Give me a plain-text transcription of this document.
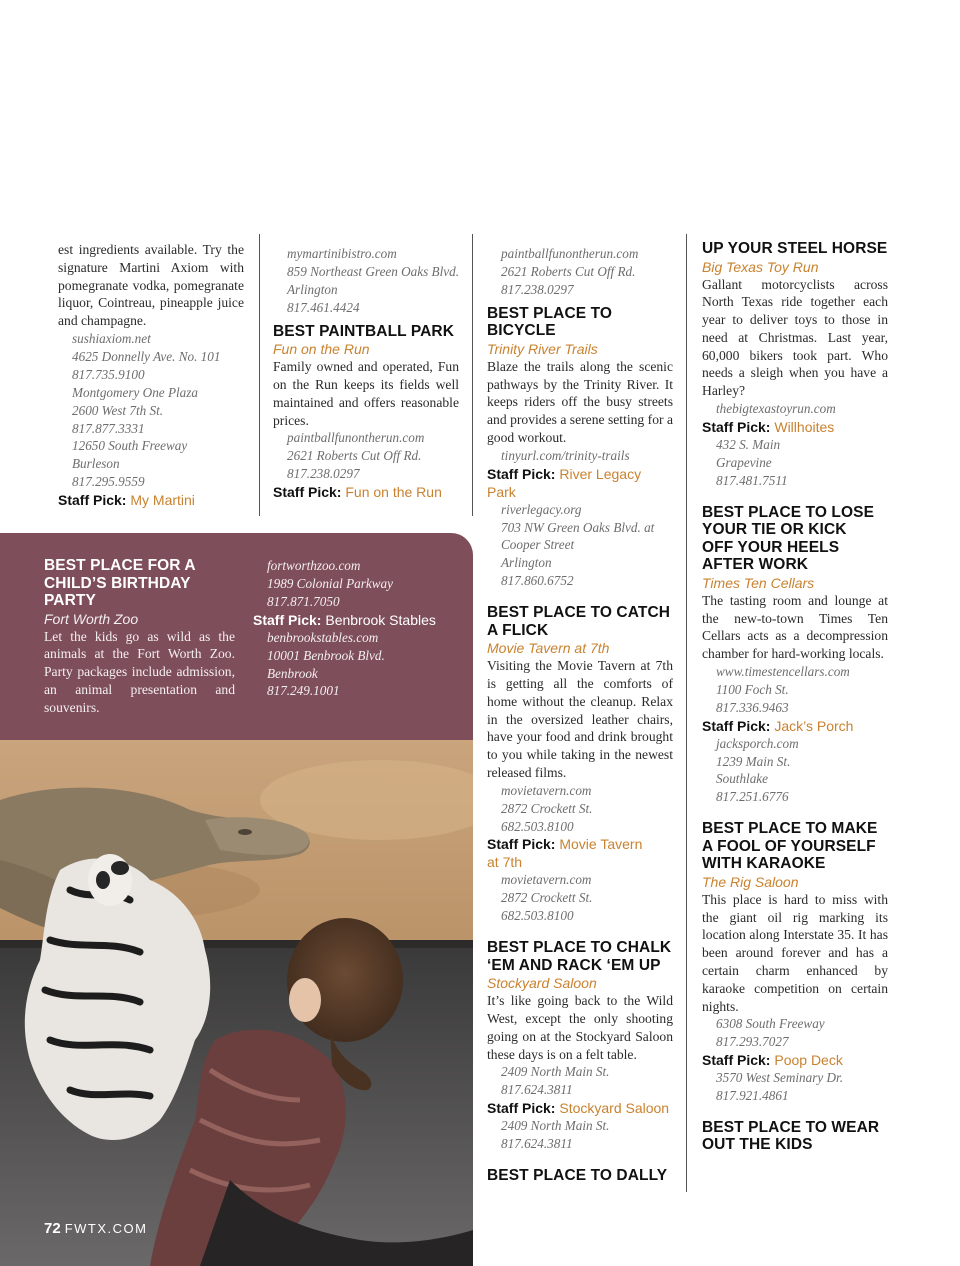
est ingredients available. Try the signature Martini Axiom with pomegranate vodka, pomegranate liquor, Cointreau, pineapple juice and champagne.

sushiaxiom.net
4625 Donnelly Ave. No. 101
817.735.9100
Montgomery One Plaza
2600 West 7th St.
817.877.3331
12650 South Freeway
Burleson
817.295.9559
Staff Pick: My Martini
mymartinibistro.com
859 Northeast Green Oaks Blvd.
Arlington
817.461.4424
BEST PAINTBALL PARK
Fun on the Run

Family owned and operated, Fun on the Run keeps its fields well maintained and offers reasonable prices.

paintballfunontherun.com
2621 Roberts Cut Off Rd.
817.238.0297
Staff Pick: Fun on the Run
BEST PLACE FOR A CHILD’S BIRTHDAY PARTY
Fort Worth Zoo

Let the kids go as wild as the animals at the Fort Worth Zoo. Party packages include admission, an animal presentation and souvenirs.

fortworthzoo.com
1989 Colonial Parkway
817.871.7050
Staff Pick: Benbrook Stables
benbrookstables.com
10001 Benbrook Blvd.
Benbrook
817.249.1001
paintballfunontherun.com
2621 Roberts Cut Off Rd.
817.238.0297
BEST PLACE TO BICYCLE
Trinity River Trails

Blaze the trails along the scenic pathways by the Trinity River. It keeps riders off the busy streets and provides a serene setting for a good workout.

tinyurl.com/trinity-trails
Staff Pick: River Legacy Park
riverlegacy.org
703 NW Green Oaks Blvd. at
Cooper Street
Arlington
817.860.6752
BEST PLACE TO CATCH A FLICK
Movie Tavern at 7th

Visiting the Movie Tavern at 7th is getting all the comforts of home without the cleanup. Relax in the oversized leather chairs, have your food and drink brought to you while taking in the newest released films.

movietavern.com
2872 Crockett St.
682.503.8100
Staff Pick: Movie Tavern
at 7th
movietavern.com
2872 Crockett St.
682.503.8100
BEST PLACE TO CHALK
‘EM AND RACK ‘EM UP
Stockyard Saloon

It’s like going back to the Wild West, except the only shooting going on at the Stockyard Saloon these days is on a felt table.

2409 North Main St.
817.624.3811
Staff Pick: Stockyard Saloon
2409 North Main St.
817.624.3811
BEST PLACE TO DALLY
UP YOUR STEEL HORSE
Big Texas Toy Run

Gallant motorcyclists across North Texas ride together each year to deliver toys to those in need at Christmas. Last year, 60,000 bikers took part. Who needs a sleigh when you have a Harley?

thebigtexastoyrun.com
Staff Pick: Willhoites
432 S. Main
Grapevine
817.481.7511
BEST PLACE TO LOSE
YOUR TIE OR KICK
OFF YOUR HEELS
AFTER WORK
Times Ten Cellars

The tasting room and lounge at the new-to-town Times Ten Cellars acts as a decompression chamber for hard-working locals.

www.timestencellars.com
1100 Foch St.
817.336.9463
Staff Pick: Jack’s Porch
jacksporch.com
1239 Main St.
Southlake
817.251.6776
BEST PLACE TO MAKE
A FOOL OF YOURSELF
WITH KARAOKE
The Rig Saloon

This place is hard to miss with the giant oil rig marking its location along Interstate 35. It has been around forever and has a certain charm enhanced by karaoke competition on certain nights.

6308 South Freeway
817.293.7027
Staff Pick: Poop Deck
3570 West Seminary Dr.
817.921.4861
BEST PLACE TO WEAR
OUT THE KIDS
72 FWTX.COM
